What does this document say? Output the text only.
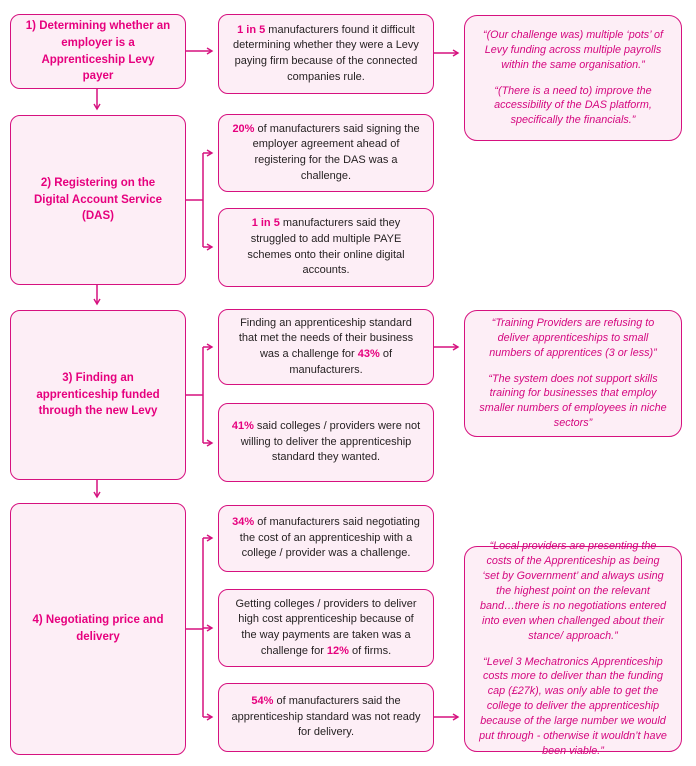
1) Determining whether an employer is a Apprenticeship Levy payer
2) Registering on the Digital Account Service (DAS)
3) Finding an apprenticeship funded through the new Levy
4) Negotiating price and delivery
1 in 5 manufacturers found it difficult determining whether they were a Levy paying firm because of the connected companies rule.
20% of manufacturers said signing the employer agreement ahead of registering for the DAS was a challenge.
1 in 5 manufacturers said they struggled to add multiple PAYE schemes onto their online digital accounts.
Finding an apprenticeship standard that met the needs of their business was a challenge for 43% of manufacturers.
41% said colleges / providers were not willing to deliver the apprenticeship standard they wanted.
34% of manufacturers said negotiating the cost of an apprenticeship with a college / provider was a challenge.
Getting colleges / providers to deliver high cost apprenticeship because of the way payments are taken was a challenge for 12% of firms.
54% of manufacturers said the apprenticeship standard was not ready for delivery.

“(Our challenge was) multiple ‘pots’ of Levy funding across multiple payrolls within the same organisation.”

“(There is a need to) improve the accessibility of the DAS platform, specifically the financials.”

“Training Providers are refusing to deliver apprenticeships to small numbers of apprentices (3 or less)”

“The system does not support skills training for businesses that employ smaller numbers of employees in niche sectors”

“Local providers are presenting the costs of the Apprenticeship as being ‘set by Government’ and always using the highest point on the relevant band…there is no negotiations entered into even when challenged about their stance/ approach.”

“Level 3 Mechatronics Apprenticeship costs more to deliver than the funding cap (£27k), was only able to get the college to deliver the apprenticeship because of the large number we would put through - otherwise it wouldn’t have been viable.”
